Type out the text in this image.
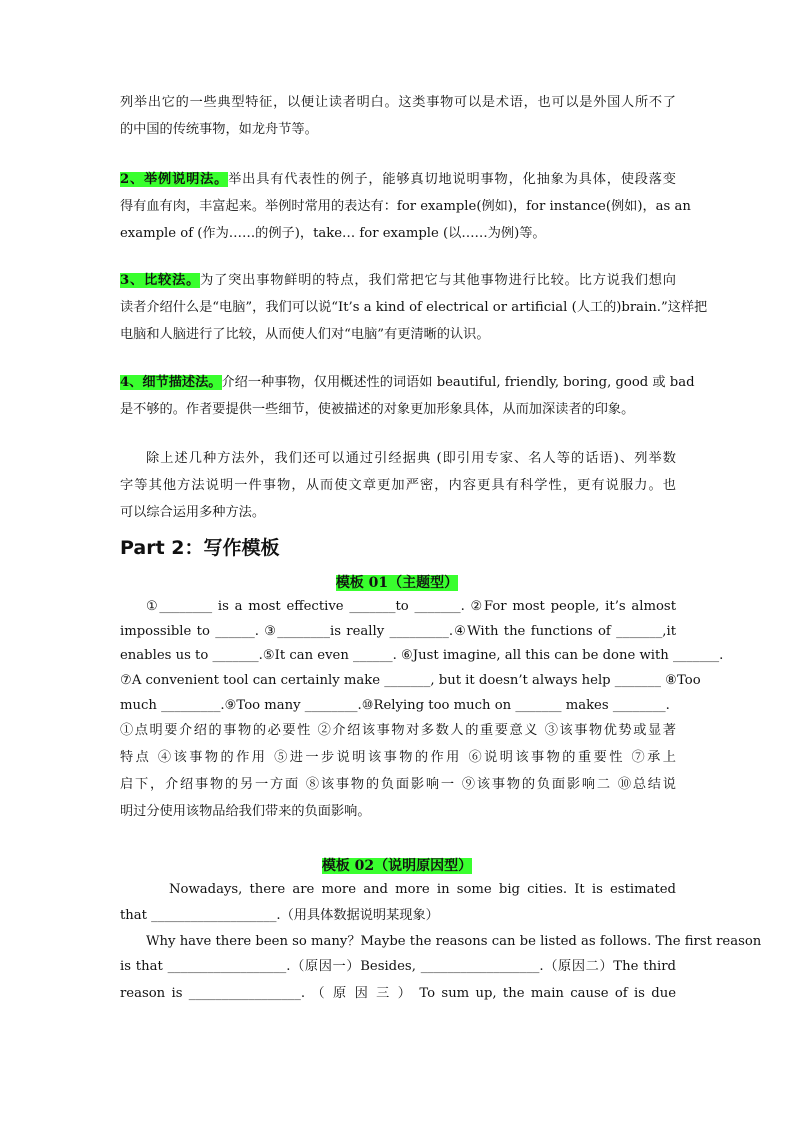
列举出它的一些典型特征，以便让读者明白。这类事物可以是术语，也可以是外国人所不了
的中国的传统事物，如龙舟节等。
2、举例说明法。举出具有代表性的例子，能够真切地说明事物，化抽象为具体，使段落变
得有血有肉，丰富起来。举例时常用的表达有：for example(例如)，for instance(例如)，as an
example of (作为……的例子)，take… for example (以……为例)等。
3、比较法。为了突出事物鲜明的特点，我们常把它与其他事物进行比较。比方说我们想向
读者介绍什么是“电脑”，我们可以说“It’s a kind of electrical or artificial (人工的)brain.”这样把
电脑和人脑进行了比较，从而使人们对“电脑”有更清晰的认识。
4、细节描述法。介绍一种事物，仅用概述性的词语如 beautiful, friendly, boring, good 或 bad
是不够的。作者要提供一些细节，使被描述的对象更加形象具体，从而加深读者的印象。
除上述几种方法外，我们还可以通过引经据典 (即引用专家、名人等的话语)、列举数
字等其他方法说明一件事物，从而使文章更加严密，内容更具有科学性，更有说服力。也
可以综合运用多种方法。
Part 2：写作模板
模板 01（主题型）
①________ is a most effective _______to _______. ②For most people, it’s almost
impossible to ______. ③________is really _________.④With the functions of _______,it
enables us to _______.⑤It can even ______. ⑥Just imagine, all this can be done with _______.
⑦A convenient tool can certainly make _______, but it doesn’t always help _______ ⑧Too
much _________.⑨Too many ________.⑩Relying too much on _______ makes ________.
①点明要介绍的事物的必要性 ②介绍该事物对多数人的重要意义 ③该事物优势或显著
特点 ④该事物的作用 ⑤进一步说明该事物的作用 ⑥说明该事物的重要性 ⑦承上
启下，介绍事物的另一方面 ⑧该事物的负面影响一 ⑨该事物的负面影响二 ⑩总结说
明过分使用该物品给我们带来的负面影响。
模板 02（说明原因型）
Nowadays, there are more and more in some big cities. It is estimated
that ___________________.（用具体数据说明某现象）
Why have there been so many？Maybe the reasons can be listed as follows. The first reason
is that __________________.（原因一）Besides, __________________.（原因二）The third
reason is _________________. （ 原 因 三 ） To sum up, the main cause of is due
